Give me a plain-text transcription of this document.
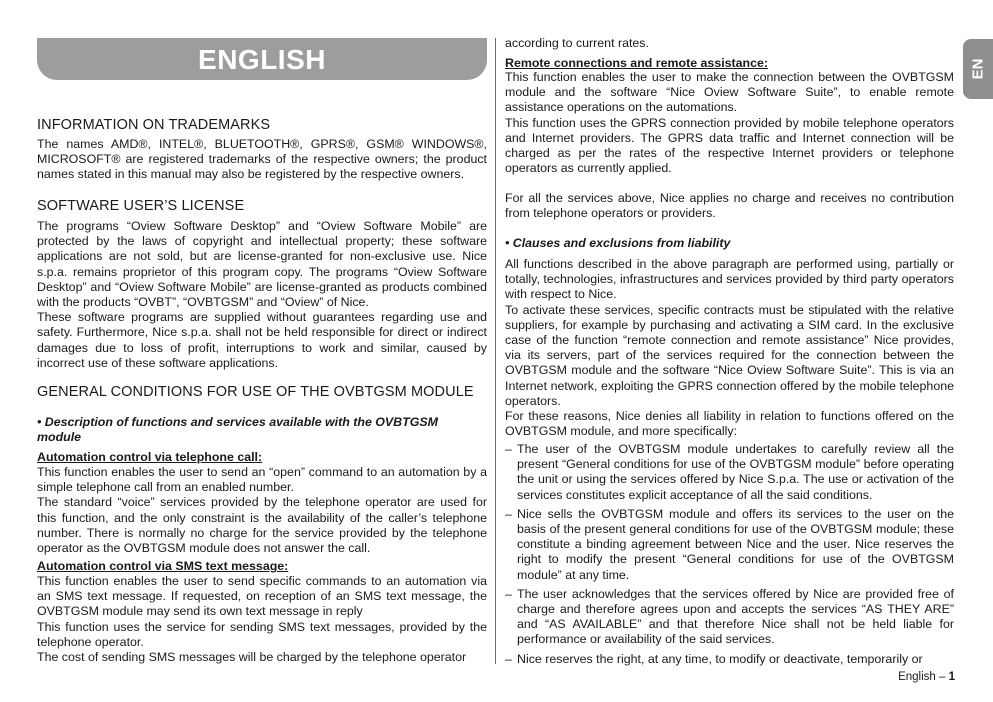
ENGLISH	EN
INFORMATION ON TRADEMARKS

The names AMD®, INTEL®, BLUETOOTH®, GPRS®, GSM® WINDOWS®, MICROSOFT® are registered trademarks of the respective owners; the product names stated in this manual may also be registered by the respective owners.

SOFTWARE USER’S LICENSE

The programs “Oview Software Desktop” and “Oview Software Mobile” are protected by the laws of copyright and intellectual property; these software applications are not sold, but are license-granted for non-exclusive use. Nice s.p.a. remains proprietor of this program copy. The programs “Oview Software Desktop” and “Oview Software Mobile” are license-granted as products combined with the products “OVBT”, “OVBTGSM” and “Oview” of Nice.

These software programs are supplied without guarantees regarding use and safety. Furthermore, Nice s.p.a. shall not be held responsible for direct or indirect damages due to loss of profit, interruptions to work and similar, caused by incorrect use of these software applications.

GENERAL CONDITIONS FOR USE OF THE OVBTGSM MODULE
• Description of functions and services available with the OVBTGSM module
Automation control via telephone call:

This function enables the user to send an “open” command to an automation by a simple telephone call from an enabled number.

The standard “voice” services provided by the telephone operator are used for this function, and the only constraint is the availability of the caller’s telephone number. There is normally no charge for the service provided by the telephone operator as the OVBTGSM module does not answer the call.

Automation control via SMS text message:

This function enables the user to send specific commands to an automation via an SMS text message. If requested, on reception of an SMS text message, the OVBTGSM module may send its own text message in reply

This function uses the service for sending SMS text messages, provided by the telephone operator.

The cost of sending SMS messages will be charged by the telephone operator

according to current rates.

Remote connections and remote assistance:

This function enables the user to make the connection between the OVBTGSM module and the software “Nice Oview Software Suite”, to enable remote assistance operations on the automations.

This function uses the GPRS connection provided by mobile telephone operators and Internet providers. The GPRS data traffic and Internet connection will be charged as per the rates of the respective Internet providers or telephone operators as currently applied.

For all the services above, Nice applies no charge and receives no contribution from telephone operators or providers.

• Clauses and exclusions from liability

All functions described in the above paragraph are performed using, partially or totally, technologies, infrastructures and services provided by third party operators with respect to Nice.

To activate these services, specific contracts must be stipulated with the relative suppliers, for example by purchasing and activating a SIM card. In the exclusive case of the function “remote connection and remote assistance” Nice provides, via its servers, part of the services required for the connection between the OVBTGSM module and the software “Nice Oview Software Suite”. This is via an Internet network, exploiting the GPRS connection offered by the mobile telephone operators.

For these reasons, Nice denies all liability in relation to functions offered on the OVBTGSM module, and more specifically:

– The user of the OVBTGSM module undertakes to carefully review all the present “General conditions for use of the OVBTGSM module” before operating the unit or using the services offered by Nice S.p.a. The use or activation of the services constitutes explicit acceptance of all the said conditions.

– Nice sells the OVBTGSM module and offers its services to the user on the basis of the present general conditions for use of the OVBTGSM module; these constitute a binding agreement between Nice and the user. Nice reserves the right to modify the present “General conditions for use of the OVBTGSM module” at any time.

– The user acknowledges that the services offered by Nice are provided free of charge and therefore agrees upon and accepts the services “AS THEY ARE” and “AS AVAILABLE” and that therefore Nice shall not be held liable for performance or availability of the said services.

– Nice reserves the right, at any time, to modify or deactivate, temporarily or

English – 1
